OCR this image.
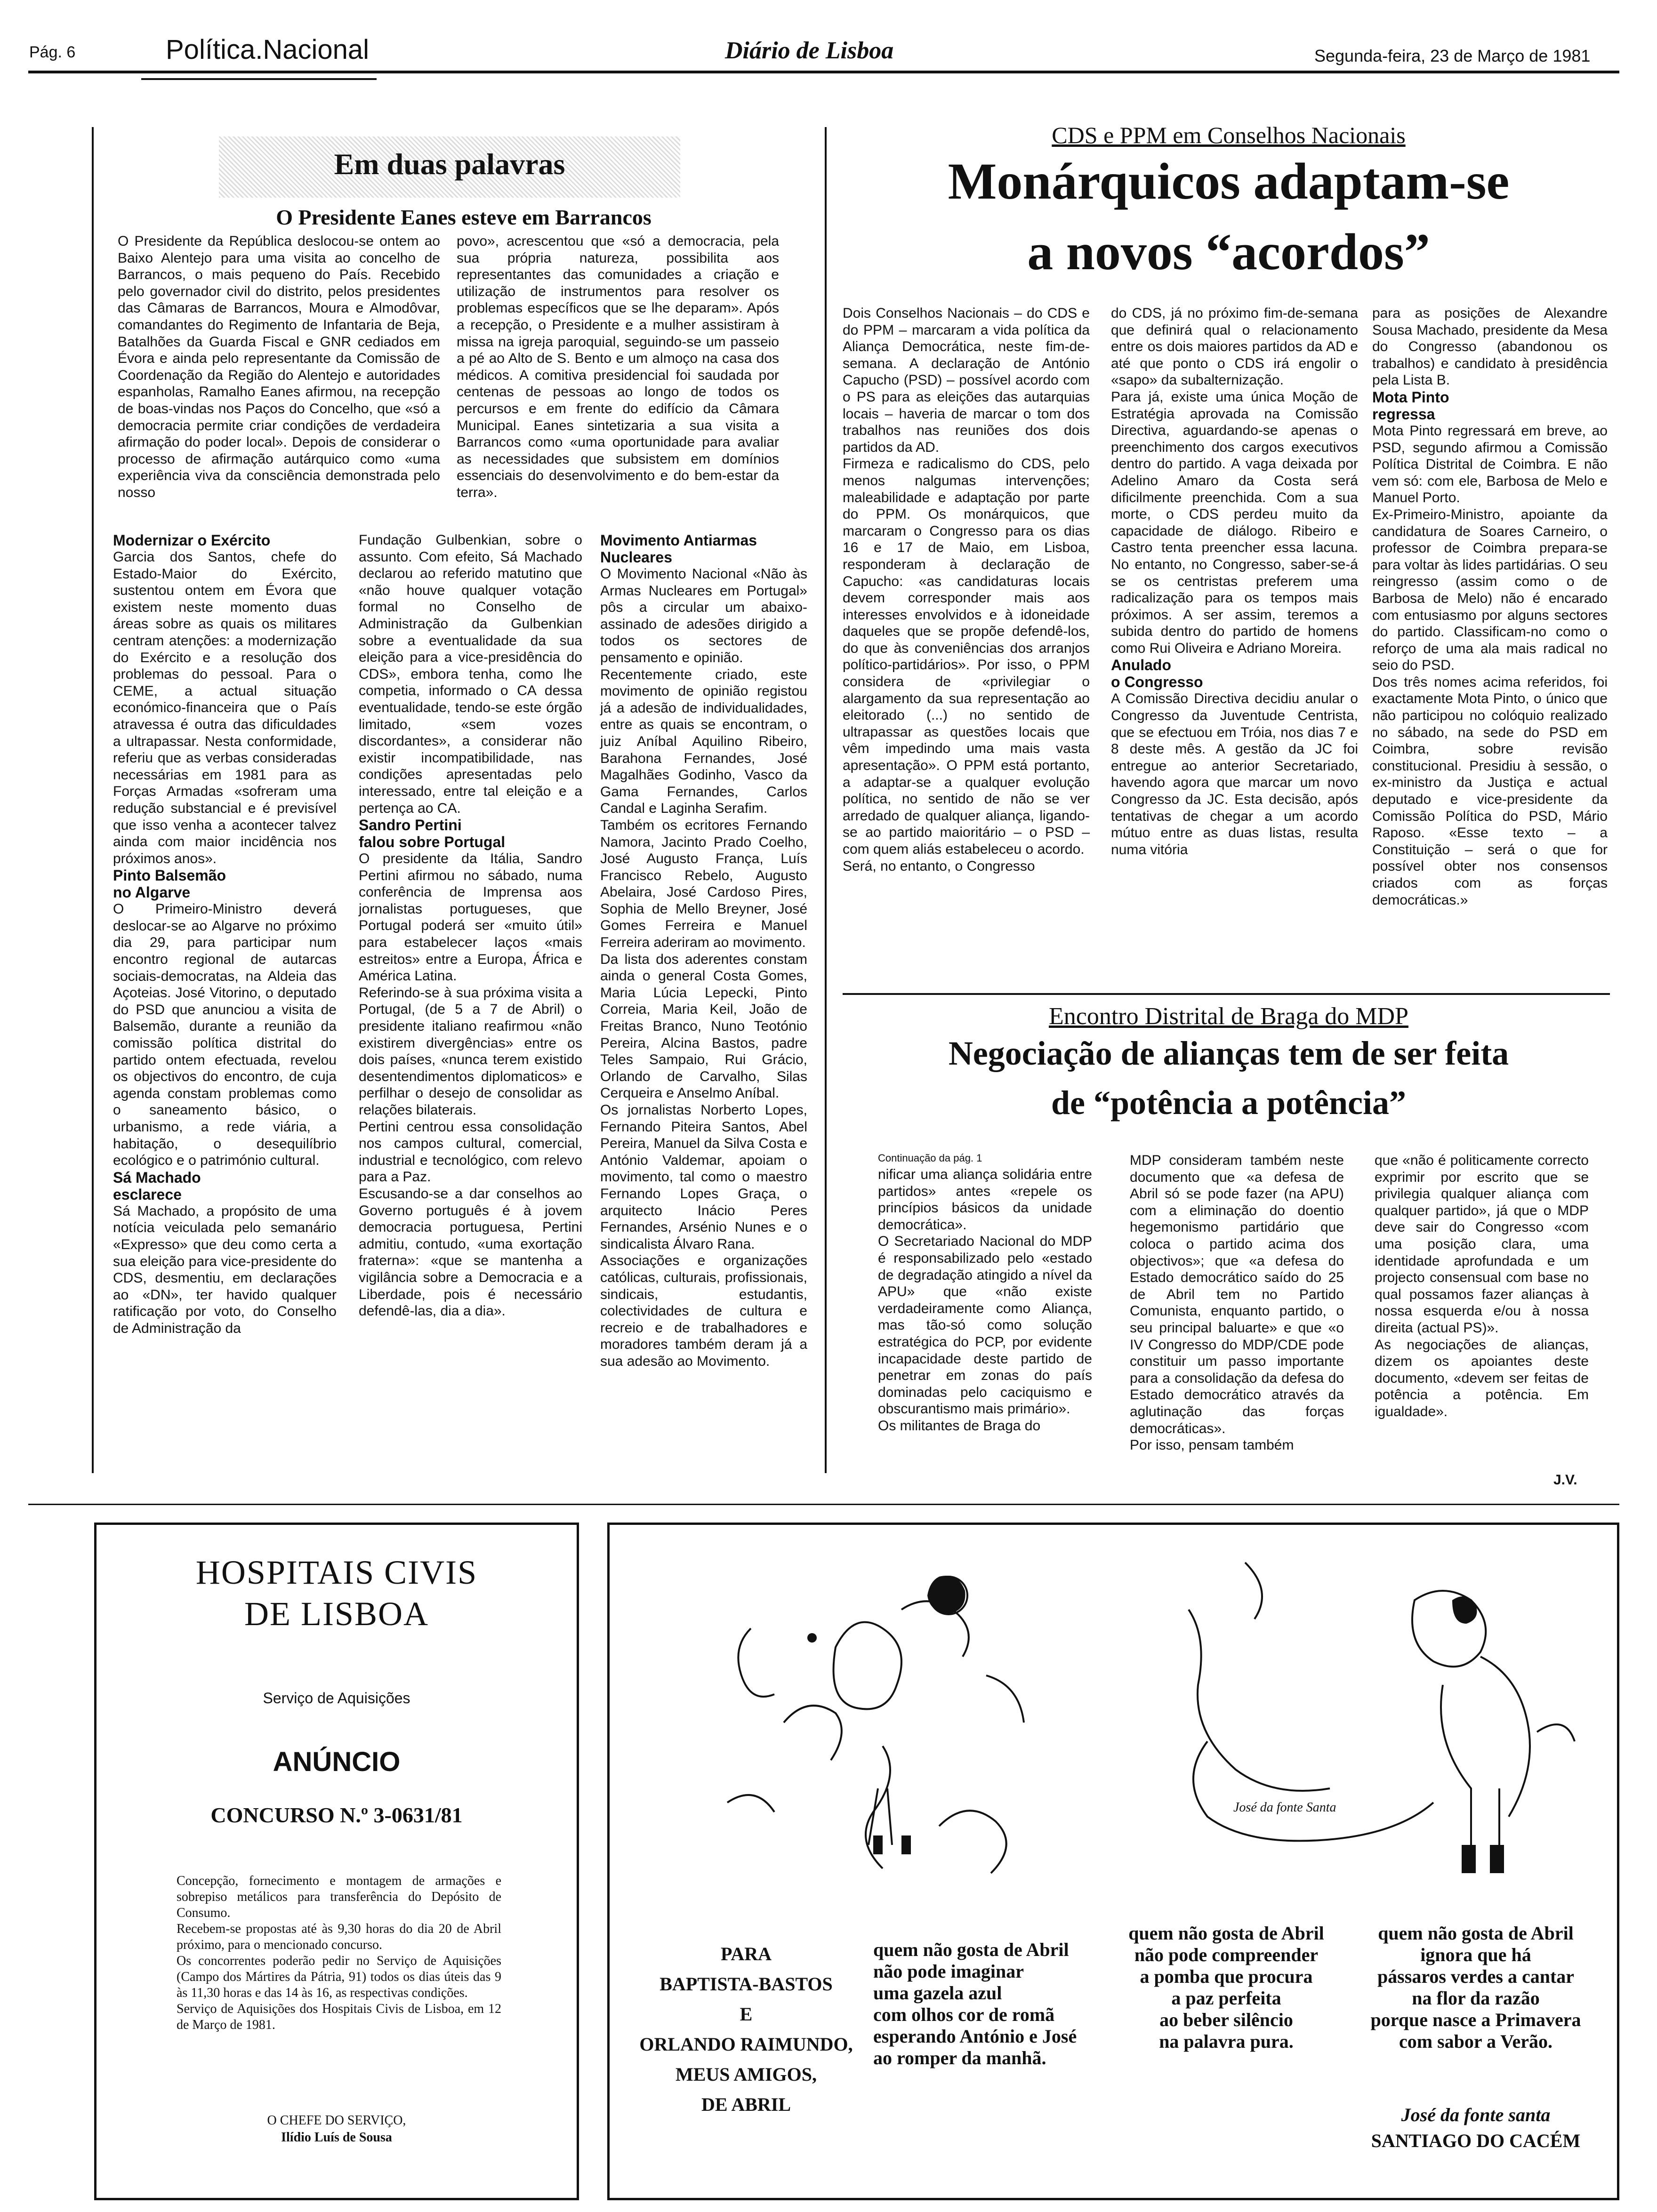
Pág. 6	Política.Nacional	Diário de Lisboa	Segunda-feira, 23 de Março de 1981
Em duas palavras
O Presidente Eanes esteve em Barrancos

O Presidente da República deslocou-se ontem ao Baixo Alentejo para uma visita ao concelho de Barrancos, o mais pequeno do País. Recebido pelo governador civil do distrito, pelos presidentes das Câmaras de Barrancos, Moura e Almodôvar, comandantes do Regimento de Infantaria de Beja, Batalhões da Guarda Fiscal e GNR cediados em Évora e ainda pelo representante da Comissão de Coordenação da Região do Alentejo e autoridades espanholas, Ramalho Eanes afirmou, na recepção de boas-vindas nos Paços do Concelho, que «só a democracia permite criar condições de verdadeira afirmação do poder local». Depois de considerar o processo de afirmação autárquico como «uma experiência viva da consciência demonstrada pelo nosso

povo», acrescentou que «só a democracia, pela sua própria natureza, possibilita aos representantes das comunidades a criação e utilização de instrumentos para resolver os problemas específicos que se lhe deparam». Após a recepção, o Presidente e a mulher assistiram à missa na igreja paroquial, seguindo-se um passeio a pé ao Alto de S. Bento e um almoço na casa dos médicos. A comitiva presidencial foi saudada por centenas de pessoas ao longo de todos os percursos e em frente do edifício da Câmara Municipal. Eanes sintetizaria a sua visita a Barrancos como «uma oportunidade para avaliar as necessidades que subsistem em domínios essenciais do desenvolvimento e do bem-estar da terra».

Modernizar o Exército

Garcia dos Santos, chefe do Estado-Maior do Exército, sustentou ontem em Évora que existem neste momento duas áreas sobre as quais os militares centram atenções: a modernização do Exército e a resolução dos problemas do pessoal. Para o CEME, a actual situação económico-financeira que o País atravessa é outra das dificuldades a ultrapassar. Nesta conformidade, referiu que as verbas consideradas necessárias em 1981 para as Forças Armadas «sofreram uma redução substancial e é previsível que isso venha a acontecer talvez ainda com maior incidência nos próximos anos».

Pinto Balsemão
no Algarve

O Primeiro-Ministro deverá deslocar-se ao Algarve no próximo dia 29, para participar num encontro regional de autarcas sociais-democratas, na Aldeia das Açoteias. José Vitorino, o deputado do PSD que anunciou a visita de Balsemão, durante a reunião da comissão política distrital do partido ontem efectuada, revelou os objectivos do encontro, de cuja agenda constam problemas como o saneamento básico, o urbanismo, a rede viária, a habitação, o desequilíbrio ecológico e o património cultural.

Sá Machado
esclarece

Sá Machado, a propósito de uma notícia veiculada pelo semanário «Expresso» que deu como certa a sua eleição para vice-presidente do CDS, desmentiu, em declarações ao «DN», ter havido qualquer ratificação por voto, do Conselho de Administração da

Fundação Gulbenkian, sobre o assunto. Com efeito, Sá Machado declarou ao referido matutino que «não houve qualquer votação formal no Conselho de Administração da Gulbenkian sobre a eventualidade da sua eleição para a vice-presidência do CDS», embora tenha, como lhe competia, informado o CA dessa eventualidade, tendo-se este órgão limitado, «sem vozes discordantes», a considerar não existir incompatibilidade, nas condições apresentadas pelo interessado, entre tal eleição e a pertença ao CA.

Sandro Pertini
falou sobre Portugal

O presidente da Itália, Sandro Pertini afirmou no sábado, numa conferência de Imprensa aos jornalistas portugueses, que Portugal poderá ser «muito útil» para estabelecer laços «mais estreitos» entre a Europa, África e América Latina.
Referindo-se à sua próxima visita a Portugal, (de 5 a 7 de Abril) o presidente italiano reafirmou «não existirem divergências» entre os dois países, «nunca terem existido desentendimentos diplomaticos» e perfilhar o desejo de consolidar as relações bilaterais.
Pertini centrou essa consolidação nos campos cultural, comercial, industrial e tecnológico, com relevo para a Paz.
Escusando-se a dar conselhos ao Governo português é à jovem democracia portuguesa, Pertini admitiu, contudo, «uma exortação fraterna»: «que se mantenha a vigilância sobre a Democracia e a Liberdade, pois é necessário defendê-las, dia a dia».

Movimento Antiarmas
Nucleares

O Movimento Nacional «Não às Armas Nucleares em Portugal» pôs a circular um abaixo-assinado de adesões dirigido a todos os sectores de pensamento e opinião.
Recentemente criado, este movimento de opinião registou já a adesão de individualidades, entre as quais se encontram, o juiz Aníbal Aquilino Ribeiro, Barahona Fernandes, José Magalhães Godinho, Vasco da Gama Fernandes, Carlos Candal e Laginha Serafim.
Também os ecritores Fernando Namora, Jacinto Prado Coelho, José Augusto França, Luís Francisco Rebelo, Augusto Abelaira, José Cardoso Pires, Sophia de Mello Breyner, José Gomes Ferreira e Manuel Ferreira aderiram ao movimento.
Da lista dos aderentes constam ainda o general Costa Gomes, Maria Lúcia Lepecki, Pinto Correia, Maria Keil, João de Freitas Branco, Nuno Teotónio Pereira, Alcina Bastos, padre Teles Sampaio, Rui Grácio, Orlando de Carvalho, Silas Cerqueira e Anselmo Aníbal.
Os jornalistas Norberto Lopes, Fernando Piteira Santos, Abel Pereira, Manuel da Silva Costa e António Valdemar, apoiam o movimento, tal como o maestro Fernando Lopes Graça, o arquitecto Inácio Peres Fernandes, Arsénio Nunes e o sindicalista Álvaro Rana.
Associações e organizações católicas, culturais, profissionais, sindicais, estudantis, colectividades de cultura e recreio e de trabalhadores e moradores também deram já a sua adesão ao Movimento.

CDS e PPM em Conselhos Nacionais
Monárquicos adaptam-se
a novos “acordos”

Dois Conselhos Nacionais – do CDS e do PPM – marcaram a vida política da Aliança Democrática, neste fim-de-semana. A declaração de António Capucho (PSD) – possível acordo com o PS para as eleições das autarquias locais – haveria de marcar o tom dos trabalhos nas reuniões dos dois partidos da AD.
Firmeza e radicalismo do CDS, pelo menos nalgumas intervenções; maleabilidade e adaptação por parte do PPM. Os monárquicos, que marcaram o Congresso para os dias 16 e 17 de Maio, em Lisboa, responderam à declaração de Capucho: «as candidaturas locais devem corresponder mais aos interesses envolvidos e à idoneidade daqueles que se propõe defendê-los, do que às conveniências dos arranjos político-partidários». Por isso, o PPM considera de «privilegiar o alargamento da sua representação ao eleitorado (...) no sentido de ultrapassar as questões locais que vêm impedindo uma mais vasta apresentação». O PPM está portanto, a adaptar-se a qualquer evolução política, no sentido de não se ver arredado de qualquer aliança, ligando-se ao partido maioritário – o PSD – com quem aliás estabeleceu o acordo.
Será, no entanto, o Congresso

do CDS, já no próximo fim-de-semana que definirá qual o relacionamento entre os dois maiores partidos da AD e até que ponto o CDS irá engolir o «sapo» da subalternização.
Para já, existe uma única Moção de Estratégia aprovada na Comissão Directiva, aguardando-se apenas o preenchimento dos cargos executivos dentro do partido. A vaga deixada por Adelino Amaro da Costa será dificilmente preenchida. Com a sua morte, o CDS perdeu muito da capacidade de diálogo. Ribeiro e Castro tenta preencher essa lacuna. No entanto, no Congresso, saber-se-á se os centristas preferem uma radicalização para os tempos mais próximos. A ser assim, teremos a subida dentro do partido de homens como Rui Oliveira e Adriano Moreira.

Anulado
o Congresso

A Comissão Directiva decidiu anular o Congresso da Juventude Centrista, que se efectuou em Tróia, nos dias 7 e 8 deste mês. A gestão da JC foi entregue ao anterior Secretariado, havendo agora que marcar um novo Congresso da JC. Esta decisão, após tentativas de chegar a um acordo mútuo entre as duas listas, resulta numa vitória

para as posições de Alexandre Sousa Machado, presidente da Mesa do Congresso (abandonou os trabalhos) e candidato à presidência pela Lista B.

Mota Pinto
regressa

Mota Pinto regressará em breve, ao PSD, segundo afirmou a Comissão Política Distrital de Coimbra. E não vem só: com ele, Barbosa de Melo e Manuel Porto.
Ex-Primeiro-Ministro, apoiante da candidatura de Soares Carneiro, o professor de Coimbra prepara-se para voltar às lides partidárias. O seu reingresso (assim como o de Barbosa de Melo) não é encarado com entusiasmo por alguns sectores do partido. Classificam-no como o reforço de uma ala mais radical no seio do PSD.
Dos três nomes acima referidos, foi exactamente Mota Pinto, o único que não participou no colóquio realizado no sábado, na sede do PSD em Coimbra, sobre revisão constitucional. Presidiu à sessão, o ex-ministro da Justiça e actual deputado e vice-presidente da Comissão Política do PSD, Mário Raposo. «Esse texto – a Constituição – será o que for possível obter nos consensos criados com as forças democráticas.»

Encontro Distrital de Braga do MDP
Negociação de alianças tem de ser feita
de “potência a potência”
Continuação da pág. 1

nificar uma aliança solidária entre partidos» antes «repele os princípios básicos da unidade democrática».
O Secretariado Nacional do MDP é responsabilizado pelo «estado de degradação atingido a nível da APU» que «não existe verdadeiramente como Aliança, mas tão-só como solução estratégica do PCP, por evidente incapacidade deste partido de penetrar em zonas do país dominadas pelo caciquismo e obscurantismo mais primário».
Os militantes de Braga do

MDP consideram também neste documento que «a defesa de Abril só se pode fazer (na APU) com a eliminação do doentio hegemonismo partidário que coloca o partido acima dos objectivos»; que «a defesa do Estado democrático saído do 25 de Abril tem no Partido Comunista, enquanto partido, o seu principal baluarte» e que «o IV Congresso do MDP/CDE pode constituir um passo importante para a consolidação da defesa do Estado democrático através da aglutinação das forças democráticas».
Por isso, pensam também

que «não é politicamente correcto exprimir por escrito que se privilegia qualquer aliança com qualquer partido», já que o MDP deve sair do Congresso «com uma posição clara, uma identidade aprofundada e um projecto consensual com base no qual possamos fazer alianças à nossa esquerda e/ou à nossa direita (actual PS)».
As negociações de alianças, dizem os apoiantes deste documento, «devem ser feitas de potência a potência. Em igualdade».

J.V.
HOSPITAIS CIVIS
DE LISBOA
Serviço de Aquisições
ANÚNCIO
CONCURSO N.º 3-0631/81

Concepção, fornecimento e montagem de armações e sobrepiso metálicos para transferência do Depósito de Consumo.
Recebem-se propostas até às 9,30 horas do dia 20 de Abril próximo, para o mencionado concurso.
Os concorrentes poderão pedir no Serviço de Aquisições (Campo dos Mártires da Pátria, 91) todos os dias úteis das 9 às 11,30 horas e das 14 às 16, as respectivas condições.
Serviço de Aquisições dos Hospitais Civis de Lisboa, em 12 de Março de 1981.

O CHEFE DO SERVIÇO,
Ilídio Luís de Sousa
José da fonte Santa

PARA
BAPTISTA-BASTOS
E
ORLANDO RAIMUNDO,
MEUS AMIGOS,
DE ABRIL

quem não gosta de Abril
não pode imaginar
uma gazela azul
com olhos cor de romã
esperando António e José
ao romper da manhã.

quem não gosta de Abril
não pode compreender
a pomba que procura
a paz perfeita
ao beber silêncio
na palavra pura.

quem não gosta de Abril
ignora que há
pássaros verdes a cantar
na flor da razão
porque nasce a Primavera
com sabor a Verão.

José da fonte santa
SANTIAGO DO CACÉM
